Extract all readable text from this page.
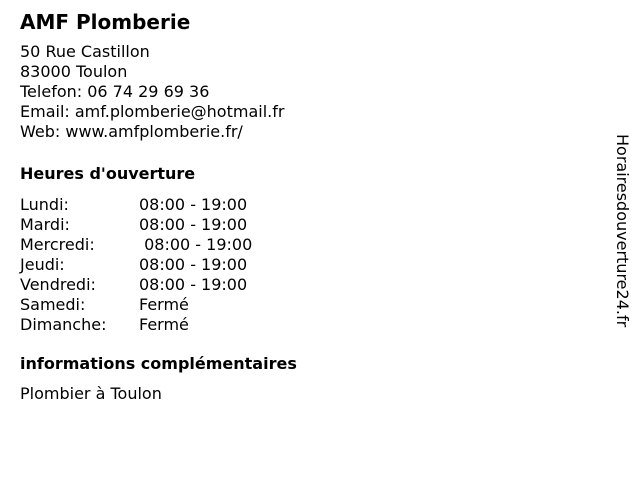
AMF Plomberie
50 Rue Castillon
83000 Toulon
Telefon: 06 74 29 69 36
Email: amf.plomberie@hotmail.fr
Web: www.amfplomberie.fr/
Heures d'ouverture
Lundi:	08:00 - 19:00
Mardi:	08:00 - 19:00
Mercredi:	08:00 - 19:00
Jeudi:	08:00 - 19:00
Vendredi:	08:00 - 19:00
Samedi:	Fermé
Dimanche:	Fermé
informations complémentaires
Plombier à Toulon
Horairesdouverture24.fr
